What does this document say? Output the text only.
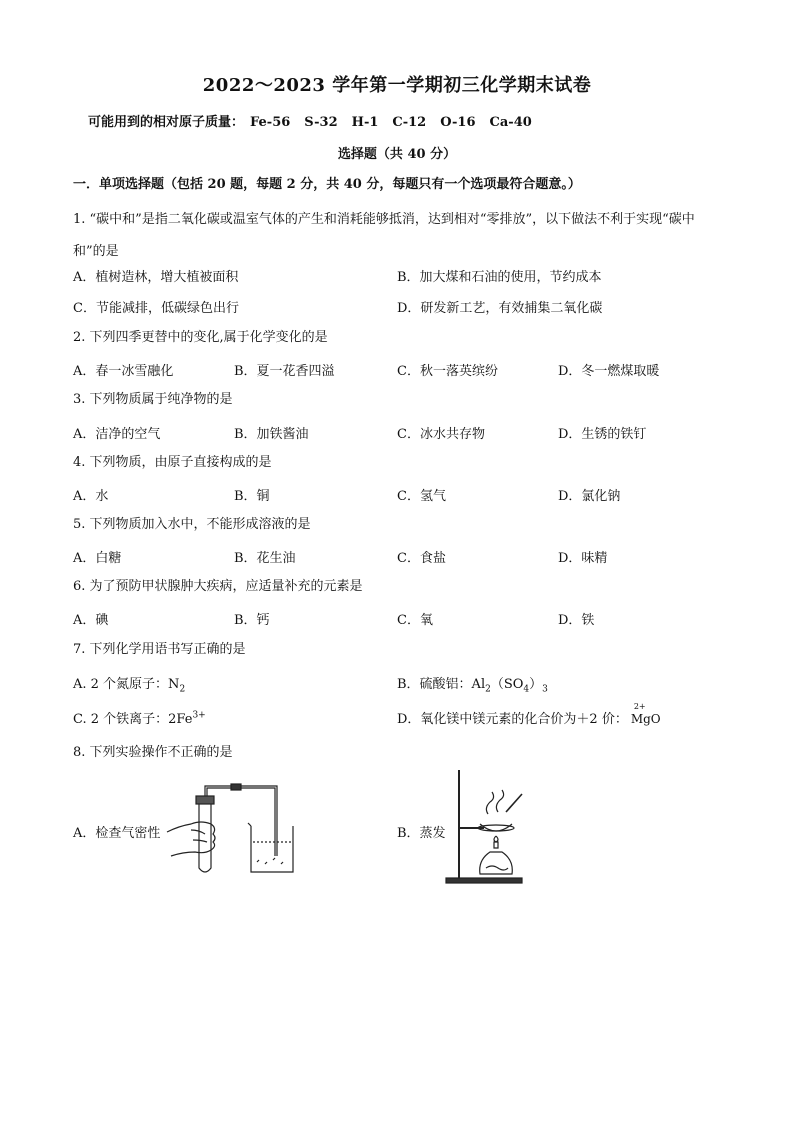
2022～2023 学年第一学期初三化学期末试卷
可能用到的相对原子质量： Fe-56 S-32 H-1 C-12 O-16 Ca-40
选择题（共 40 分）
一．单项选择题（包括 20 题，每题 2 分，共 40 分，每题只有一个选项最符合题意。）
1. “碳中和”是指二氧化碳或温室气体的产生和消耗能够抵消，达到相对“零排放”，以下做法不利于实现“碳中和”的是
A．植树造林，增大植被面积	B．加大煤和石油的使用，节约成本
C．节能减排，低碳绿色出行	D．研发新工艺，有效捕集二氧化碳
2. 下列四季更替中的变化,属于化学变化的是
A．春一冰雪融化	B．夏一花香四溢	C．秋一落英缤纷	D．冬一燃煤取暖
3. 下列物质属于纯净物的是
A．洁净的空气	B．加铁酱油	C．冰水共存物	D．生锈的铁钉
4. 下列物质，由原子直接构成的是
A．水	B．铜	C．氢气	D．氯化钠
5. 下列物质加入水中，不能形成溶液的是
A．白糖	B．花生油	C．食盐	D．味精
6. 为了预防甲状腺肿大疾病，应适量补充的元素是
A．碘	B．钙	C．氧	D．铁
7. 下列化学用语书写正确的是
A. 2 个氮原子：$N_2$	B．硫酸铝：$Al_2(SO_4)_3$
C. 2 个铁离子：$2Fe^{3+}$	D．氧化镁中镁元素的化合价为＋2 价：
2+
MgO
8. 下列实验操作不正确的是
A．检查气密性	B．蒸发
